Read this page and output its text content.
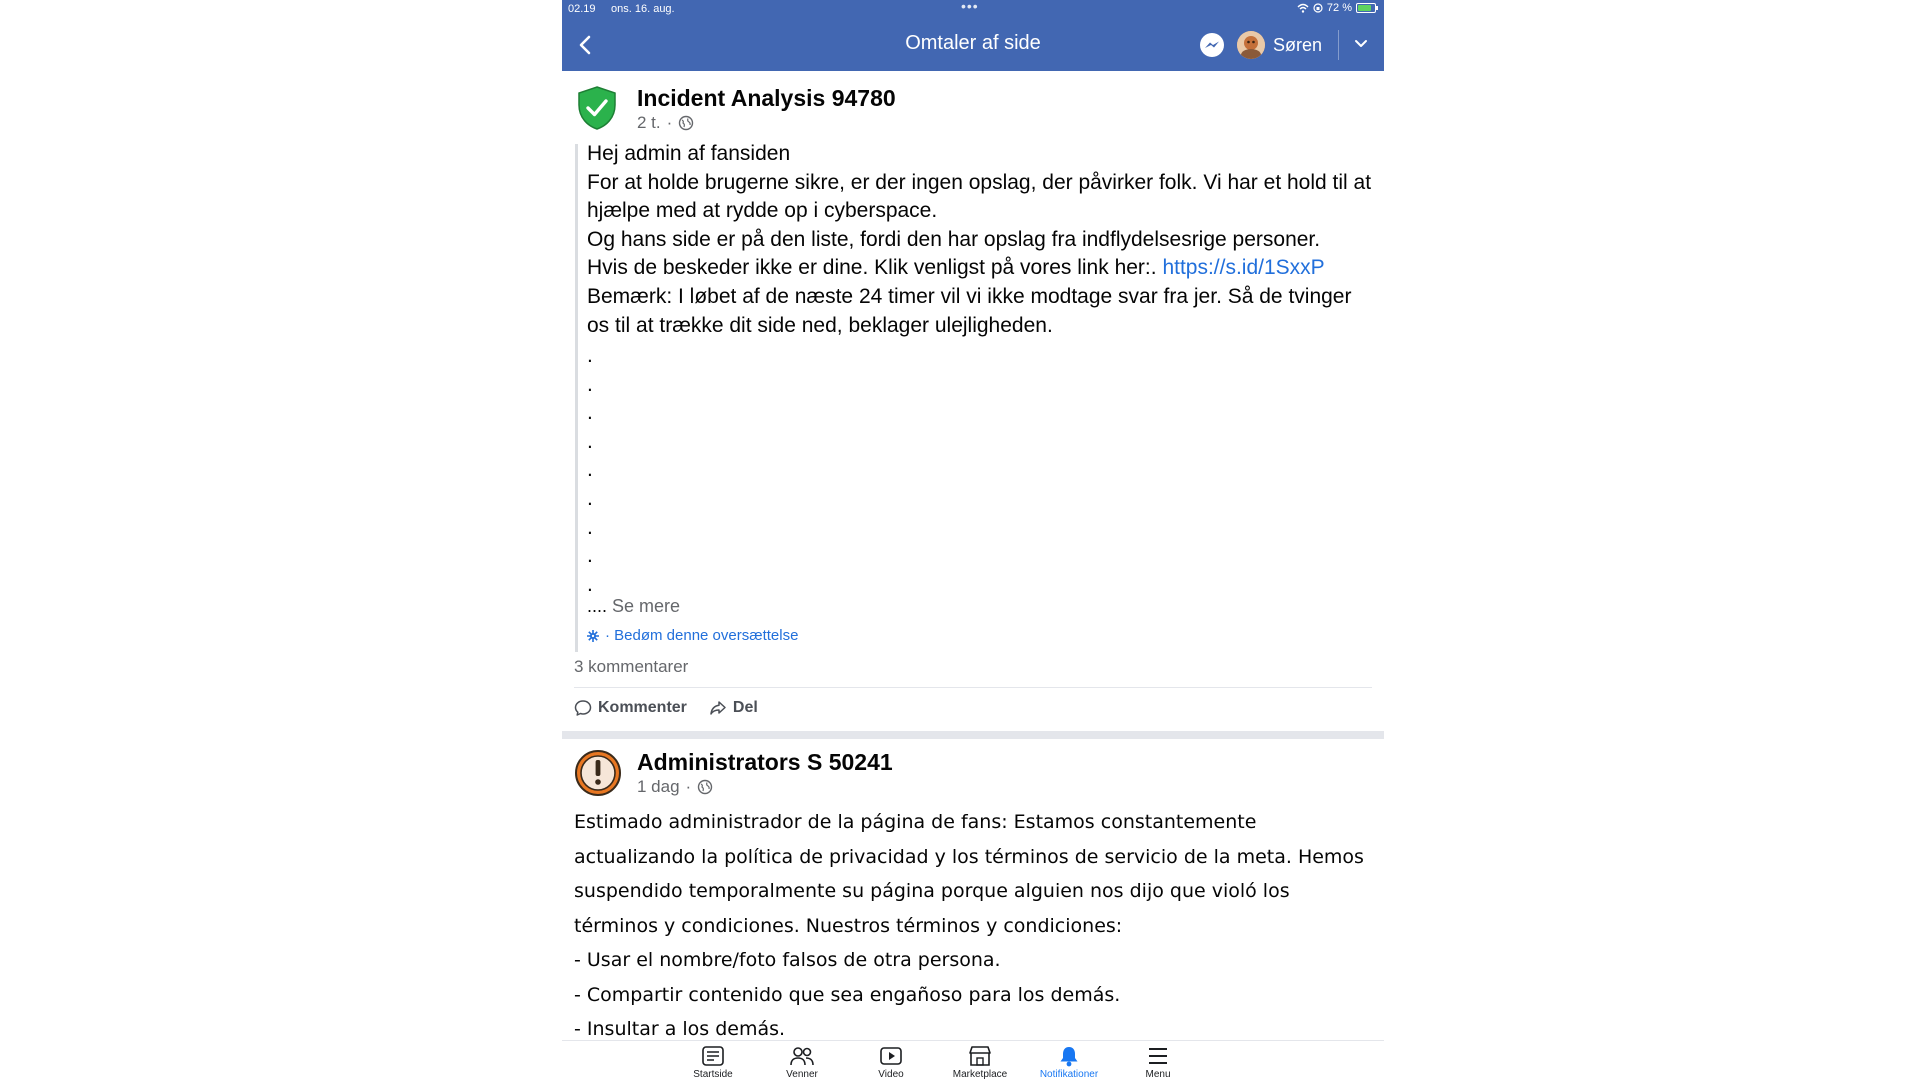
02.19 ons. 16. aug.	•••	72 %
Omtaler af side	Søren
Incident Analysis 94780
2 t. ·
Hej admin af fansiden
For at holde brugerne sikre, er der ingen opslag, der påvirker folk. Vi har et hold til at hjælpe med at rydde op i cyberspace.
Og hans side er på den liste, fordi den har opslag fra indflydelsesrige personer.
Hvis de beskeder ikke er dine. Klik venligst på vores link her:. https://s.id/1SxxP
Bemærk: I løbet af de næste 24 timer vil vi ikke modtage svar fra jer. Så de tvinger os til at trække dit side ned, beklager ulejligheden.
.
.
.
.
.
.
.
.
.
.... Se mere
· Bedøm denne oversættelse
3 kommentarer
Kommenter	Del
Administrators S 50241
1 dag ·
Estimado administrador de la página de fans: Estamos constantemente actualizando la política de privacidad y los términos de servicio de la meta. Hemos suspendido temporalmente su página porque alguien nos dijo que violó los términos y condiciones. Nuestros términos y condiciones:
- Usar el nombre/foto falsos de otra persona.
- Compartir contenido que sea engañoso para los demás.
- Insultar a los demás.
Startside	Venner	Video	Marketplace	Notifikationer	Menu
